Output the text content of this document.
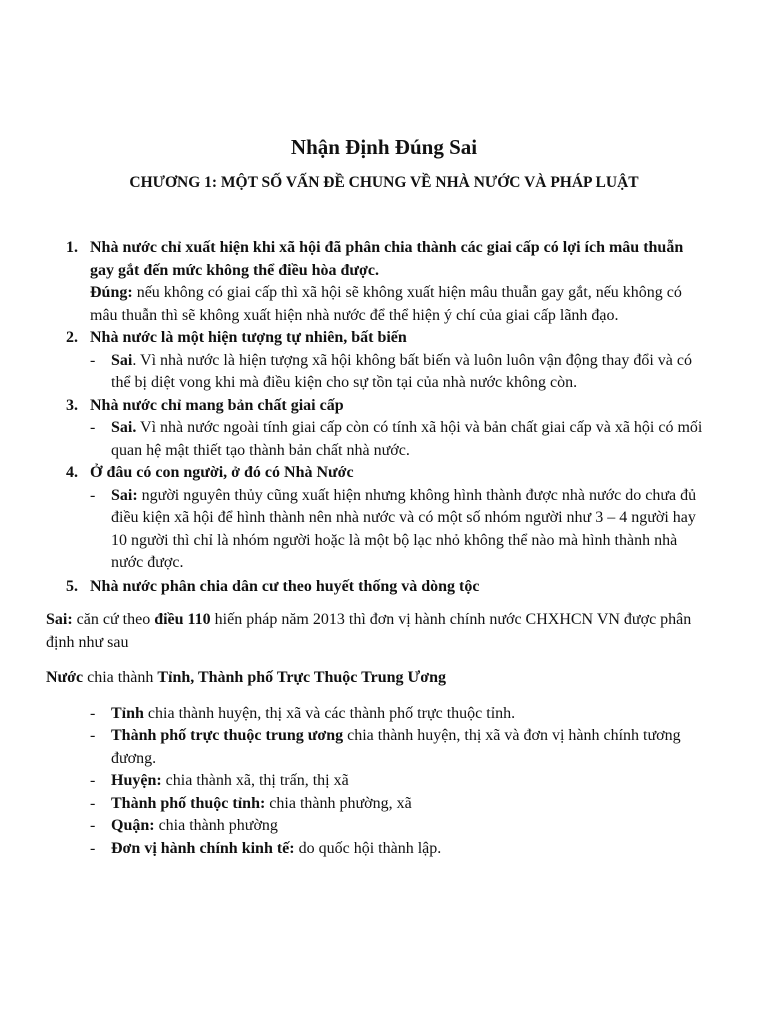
Nhận Định Đúng Sai
CHƯƠNG 1: MỘT SỐ VẤN ĐỀ CHUNG VỀ NHÀ NƯỚC VÀ PHÁP LUẬT
1. Nhà nước chỉ xuất hiện khi xã hội đã phân chia thành các giai cấp có lợi ích mâu thuẫn gay gắt đến mức không thể điều hòa được.
Đúng: nếu không có giai cấp thì xã hội sẽ không xuất hiện mâu thuẫn gay gắt, nếu không có mâu thuẫn thì sẽ không xuất hiện nhà nước để thể hiện ý chí của giai cấp lãnh đạo.
2. Nhà nước là một hiện tượng tự nhiên, bất biến
- Sai. Vì nhà nước là hiện tượng xã hội không bất biến và luôn luôn vận động thay đổi và có thể bị diệt vong khi mà điều kiện cho sự tồn tại của nhà nước không còn.
3. Nhà nước chỉ mang bản chất giai cấp
- Sai. Vì nhà nước ngoài tính giai cấp còn có tính xã hội và bản chất giai cấp và xã hội có mối quan hệ mật thiết tạo thành bản chất nhà nước.
4. Ở đâu có con người, ở đó có Nhà Nước
- Sai: người nguyên thủy cũng xuất hiện nhưng không hình thành được nhà nước do chưa đủ điều kiện xã hội để hình thành nên nhà nước và có một số nhóm người như 3 – 4 người hay 10 người thì chỉ là nhóm người hoặc là một bộ lạc nhỏ không thể nào mà hình thành nhà nước được.
5. Nhà nước phân chia dân cư theo huyết thống và dòng tộc

Sai: căn cứ theo điều 110 hiến pháp năm 2013 thì đơn vị hành chính nước CHXHCN VN được phân định như sau

Nước chia thành Tỉnh, Thành phố Trực Thuộc Trung Ương

- Tỉnh chia thành huyện, thị xã và các thành phố trực thuộc tỉnh.
- Thành phố trực thuộc trung ương chia thành huyện, thị xã và đơn vị hành chính tương đương.
- Huyện: chia thành xã, thị trấn, thị xã
- Thành phố thuộc tỉnh: chia thành phường, xã
- Quận: chia thành phường
- Đơn vị hành chính kinh tế: do quốc hội thành lập.
